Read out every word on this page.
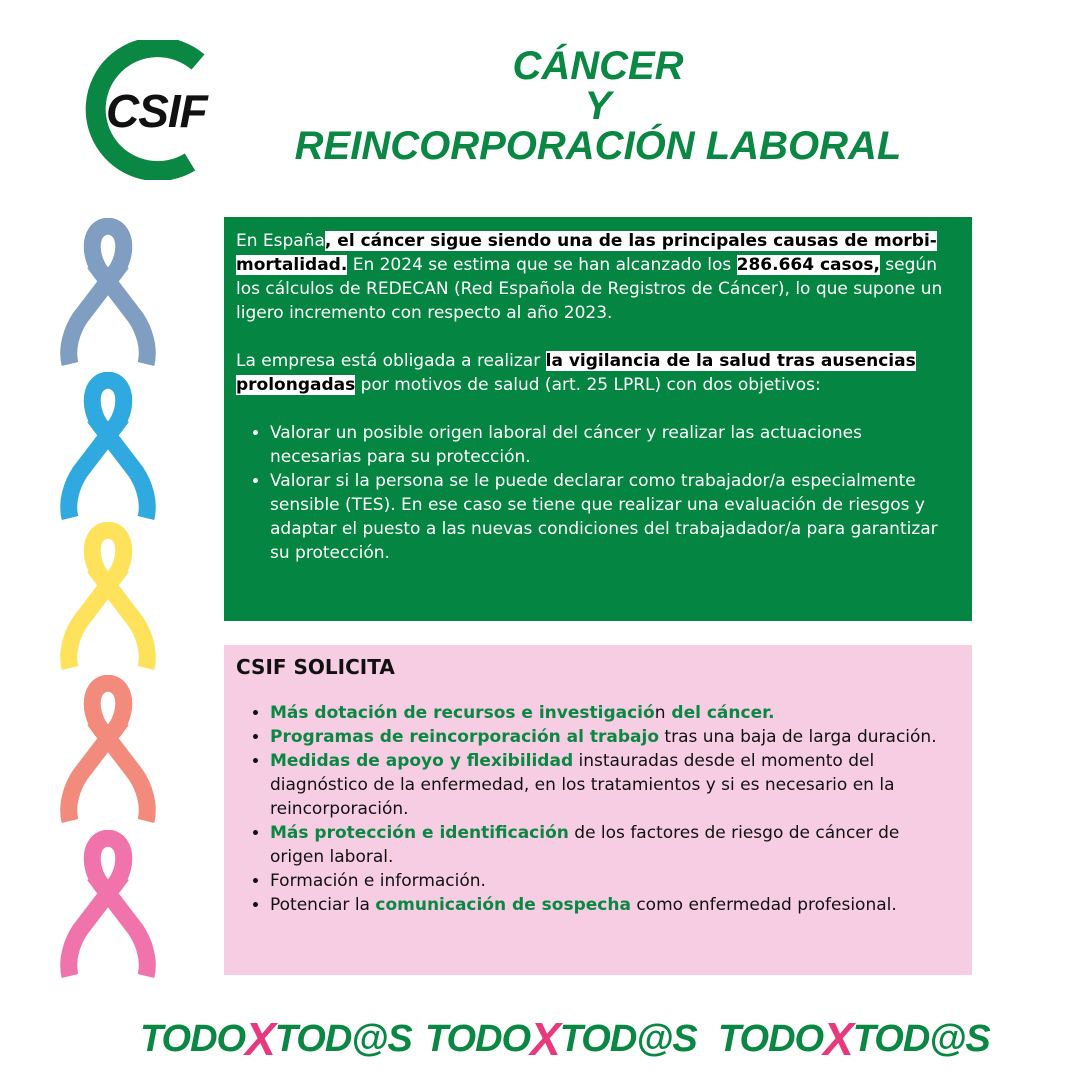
CSIF
CÁNCER
Y
REINCORPORACIÓN LABORAL

En España, el cáncer sigue siendo una de las principales causas de morbi-mortalidad. En 2024 se estima que se han alcanzado los 286.664 casos, según los cálculos de REDECAN (Red Española de Registros de Cáncer), lo que supone un ligero incremento con respecto al año 2023.

La empresa está obligada a realizar la vigilancia de la salud tras ausencias prolongadas por motivos de salud (art. 25 LPRL) con dos objetivos:

• Valorar un posible origen laboral del cáncer y realizar las actuaciones necesarias para su protección.
• Valorar si la persona se le puede declarar como trabajador/a especialmente sensible (TES). En ese caso se tiene que realizar una evaluación de riesgos y adaptar el puesto a las nuevas condiciones del trabajadador/a para garantizar su protección.
CSIF SOLICITA
• Más dotación de recursos e investigación del cáncer.
• Programas de reincorporación al trabajo tras una baja de larga duración.
• Medidas de apoyo y flexibilidad instauradas desde el momento del diagnóstico de la enfermedad, en los tratamientos y si es necesario en la reincorporación.
• Más protección e identificación de los factores de riesgo de cáncer de origen laboral.
• Formación e información.
• Potenciar la comunicación de sospecha como enfermedad profesional.
TODOXTOD@S TODOXTOD@S TODOXTOD@S
